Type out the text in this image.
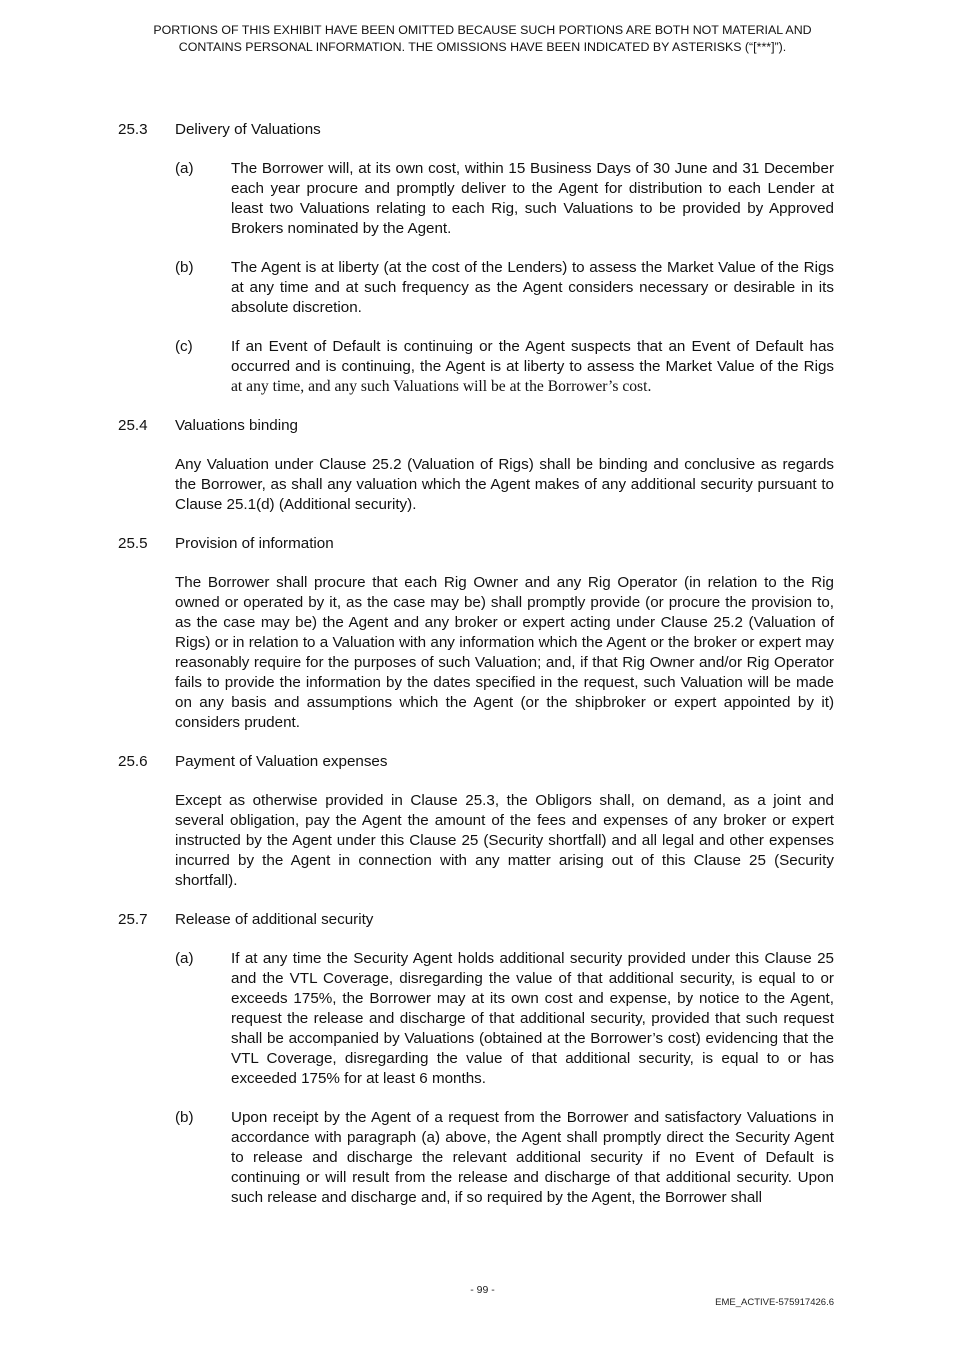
PORTIONS OF THIS EXHIBIT HAVE BEEN OMITTED BECAUSE SUCH PORTIONS ARE BOTH NOT MATERIAL AND
CONTAINS PERSONAL INFORMATION. THE OMISSIONS HAVE BEEN INDICATED BY ASTERISKS (“[***]”).
25.3	Delivery of Valuations
(a)	The Borrower will, at its own cost, within 15 Business Days of 30 June and 31 December each year procure and promptly deliver to the Agent for distribution to each Lender at least two Valuations relating to each Rig, such Valuations to be provided by Approved Brokers nominated by the Agent.
(b)	The Agent is at liberty (at the cost of the Lenders) to assess the Market Value of the Rigs at any time and at such frequency as the Agent considers necessary or desirable in its absolute discretion.
(c)	If an Event of Default is continuing or the Agent suspects that an Event of Default has occurred and is continuing, the Agent is at liberty to assess the Market Value of the Rigs at any time, and any such Valuations will be at the Borrower’s cost.
25.4	Valuations binding
Any Valuation under Clause 25.2 (Valuation of Rigs) shall be binding and conclusive as regards the Borrower, as shall any valuation which the Agent makes of any additional security pursuant to Clause 25.1(d) (Additional security).
25.5	Provision of information
The Borrower shall procure that each Rig Owner and any Rig Operator (in relation to the Rig owned or operated by it, as the case may be) shall promptly provide (or procure the provision to, as the case may be) the Agent and any broker or expert acting under Clause 25.2 (Valuation of Rigs) or in relation to a Valuation with any information which the Agent or the broker or expert may reasonably require for the purposes of such Valuation; and, if that Rig Owner and/or Rig Operator fails to provide the information by the dates specified in the request, such Valuation will be made on any basis and assumptions which the Agent (or the shipbroker or expert appointed by it) considers prudent.
25.6	Payment of Valuation expenses
Except as otherwise provided in Clause 25.3, the Obligors shall, on demand, as a joint and several obligation, pay the Agent the amount of the fees and expenses of any broker or expert instructed by the Agent under this Clause 25 (Security shortfall) and all legal and other expenses incurred by the Agent in connection with any matter arising out of this Clause 25 (Security shortfall).
25.7	Release of additional security
(a)	If at any time the Security Agent holds additional security provided under this Clause 25 and the VTL Coverage, disregarding the value of that additional security, is equal to or exceeds 175%, the Borrower may at its own cost and expense, by notice to the Agent, request the release and discharge of that additional security, provided that such request shall be accompanied by Valuations (obtained at the Borrower’s cost) evidencing that the VTL Coverage, disregarding the value of that additional security, is equal to or has exceeded 175% for at least 6 months.
(b)	Upon receipt by the Agent of a request from the Borrower and satisfactory Valuations in accordance with paragraph (a) above, the Agent shall promptly direct the Security Agent to release and discharge the relevant additional security if no Event of Default is continuing or will result from the release and discharge of that additional security. Upon such release and discharge and, if so required by the Agent, the Borrower shall
- 99 -
EME_ACTIVE-575917426.6
